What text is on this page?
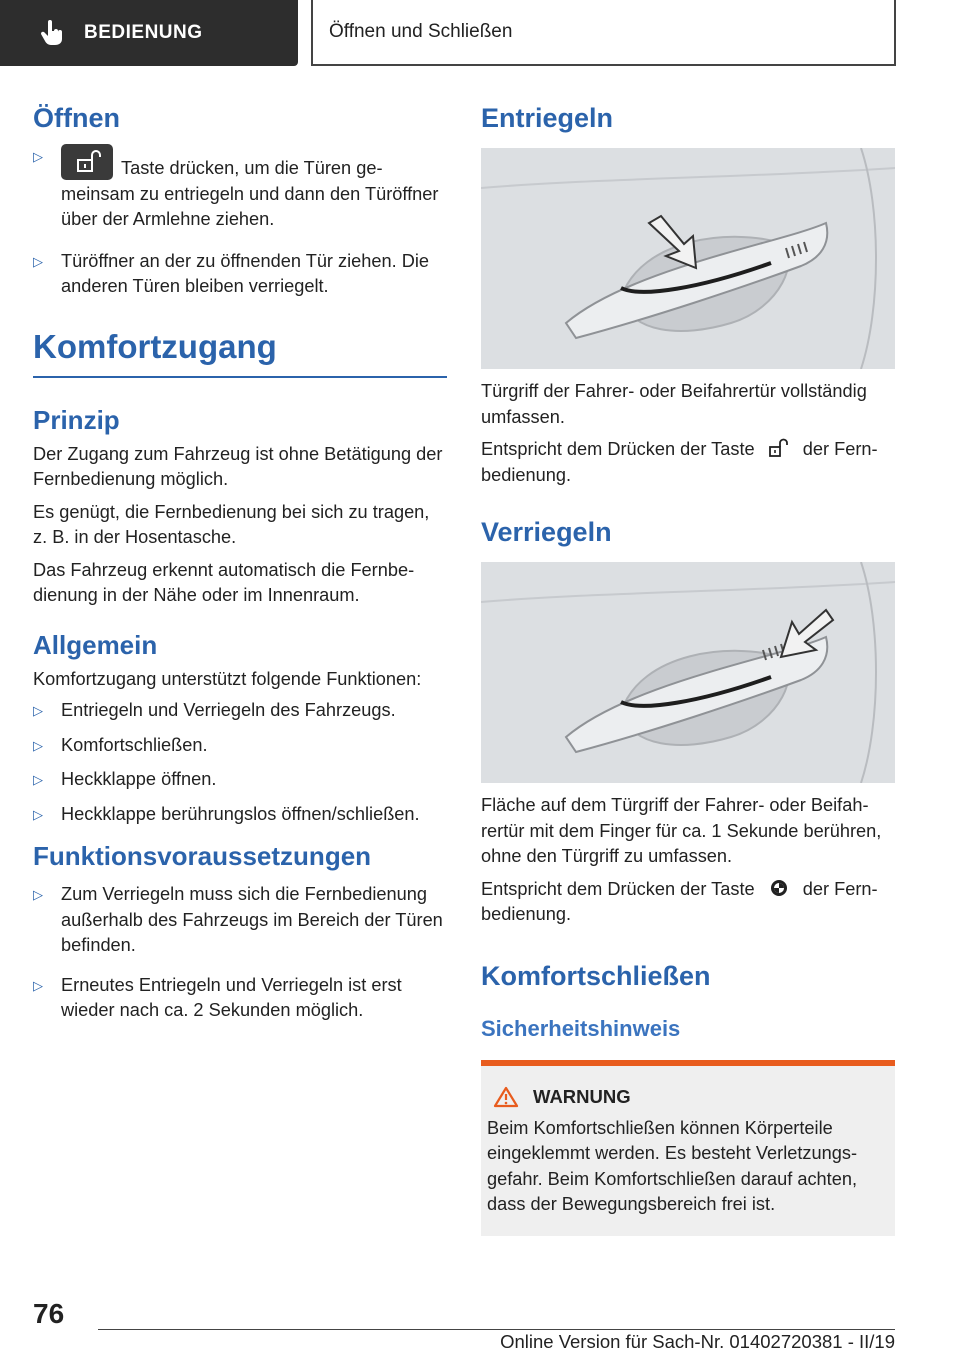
BEDIENUNG	Öffnen und Schließen
Öffnen
▷
Taste drücken, um die Türen gemeinsam zu entriegeln und dann den Türöffner über der Armlehne ziehen.
▷ Türöffner an der zu öffnenden Tür ziehen. Die anderen Türen bleiben verriegelt.
Komfortzugang
Prinzip

Der Zugang zum Fahrzeug ist ohne Betätigung der Fernbedienung möglich.

Es genügt, die Fernbedienung bei sich zu tragen, z. B. in der Hosentasche.

Das Fahrzeug erkennt automatisch die Fernbedienung in der Nähe oder im Innenraum.

Allgemein

Komfortzugang unterstützt folgende Funktionen:

▷ Entriegeln und Verriegeln des Fahrzeugs.
▷ Komfortschließen.
▷ Heckklappe öffnen.
▷ Heckklappe berührungslos öffnen/schließen.
Funktionsvoraussetzungen
▷ Zum Verriegeln muss sich die Fernbedienung außerhalb des Fahrzeugs im Bereich der Türen befinden.
▷ Erneutes Entriegeln und Verriegeln ist erst wieder nach ca. 2 Sekunden möglich.
Entriegeln

Türgriff der Fahrer- oder Beifahrertür vollständig umfassen.

Entspricht dem Drücken der Taste	der Fernbedienung.

Verriegeln

Fläche auf dem Türgriff der Fahrer- oder Beifahrertür mit dem Finger für ca. 1 Sekunde berühren, ohne den Türgriff zu umfassen.

Entspricht dem Drücken der Taste	der Fernbedienung.

Komfortschließen
Sicherheitshinweis
WARNUNG

Beim Komfortschließen können Körperteile eingeklemmt werden. Es besteht Verletzungsgefahr. Beim Komfortschließen darauf achten, dass der Bewegungsbereich frei ist.

76
Online Version für Sach-Nr. 01402720381 - II/19
